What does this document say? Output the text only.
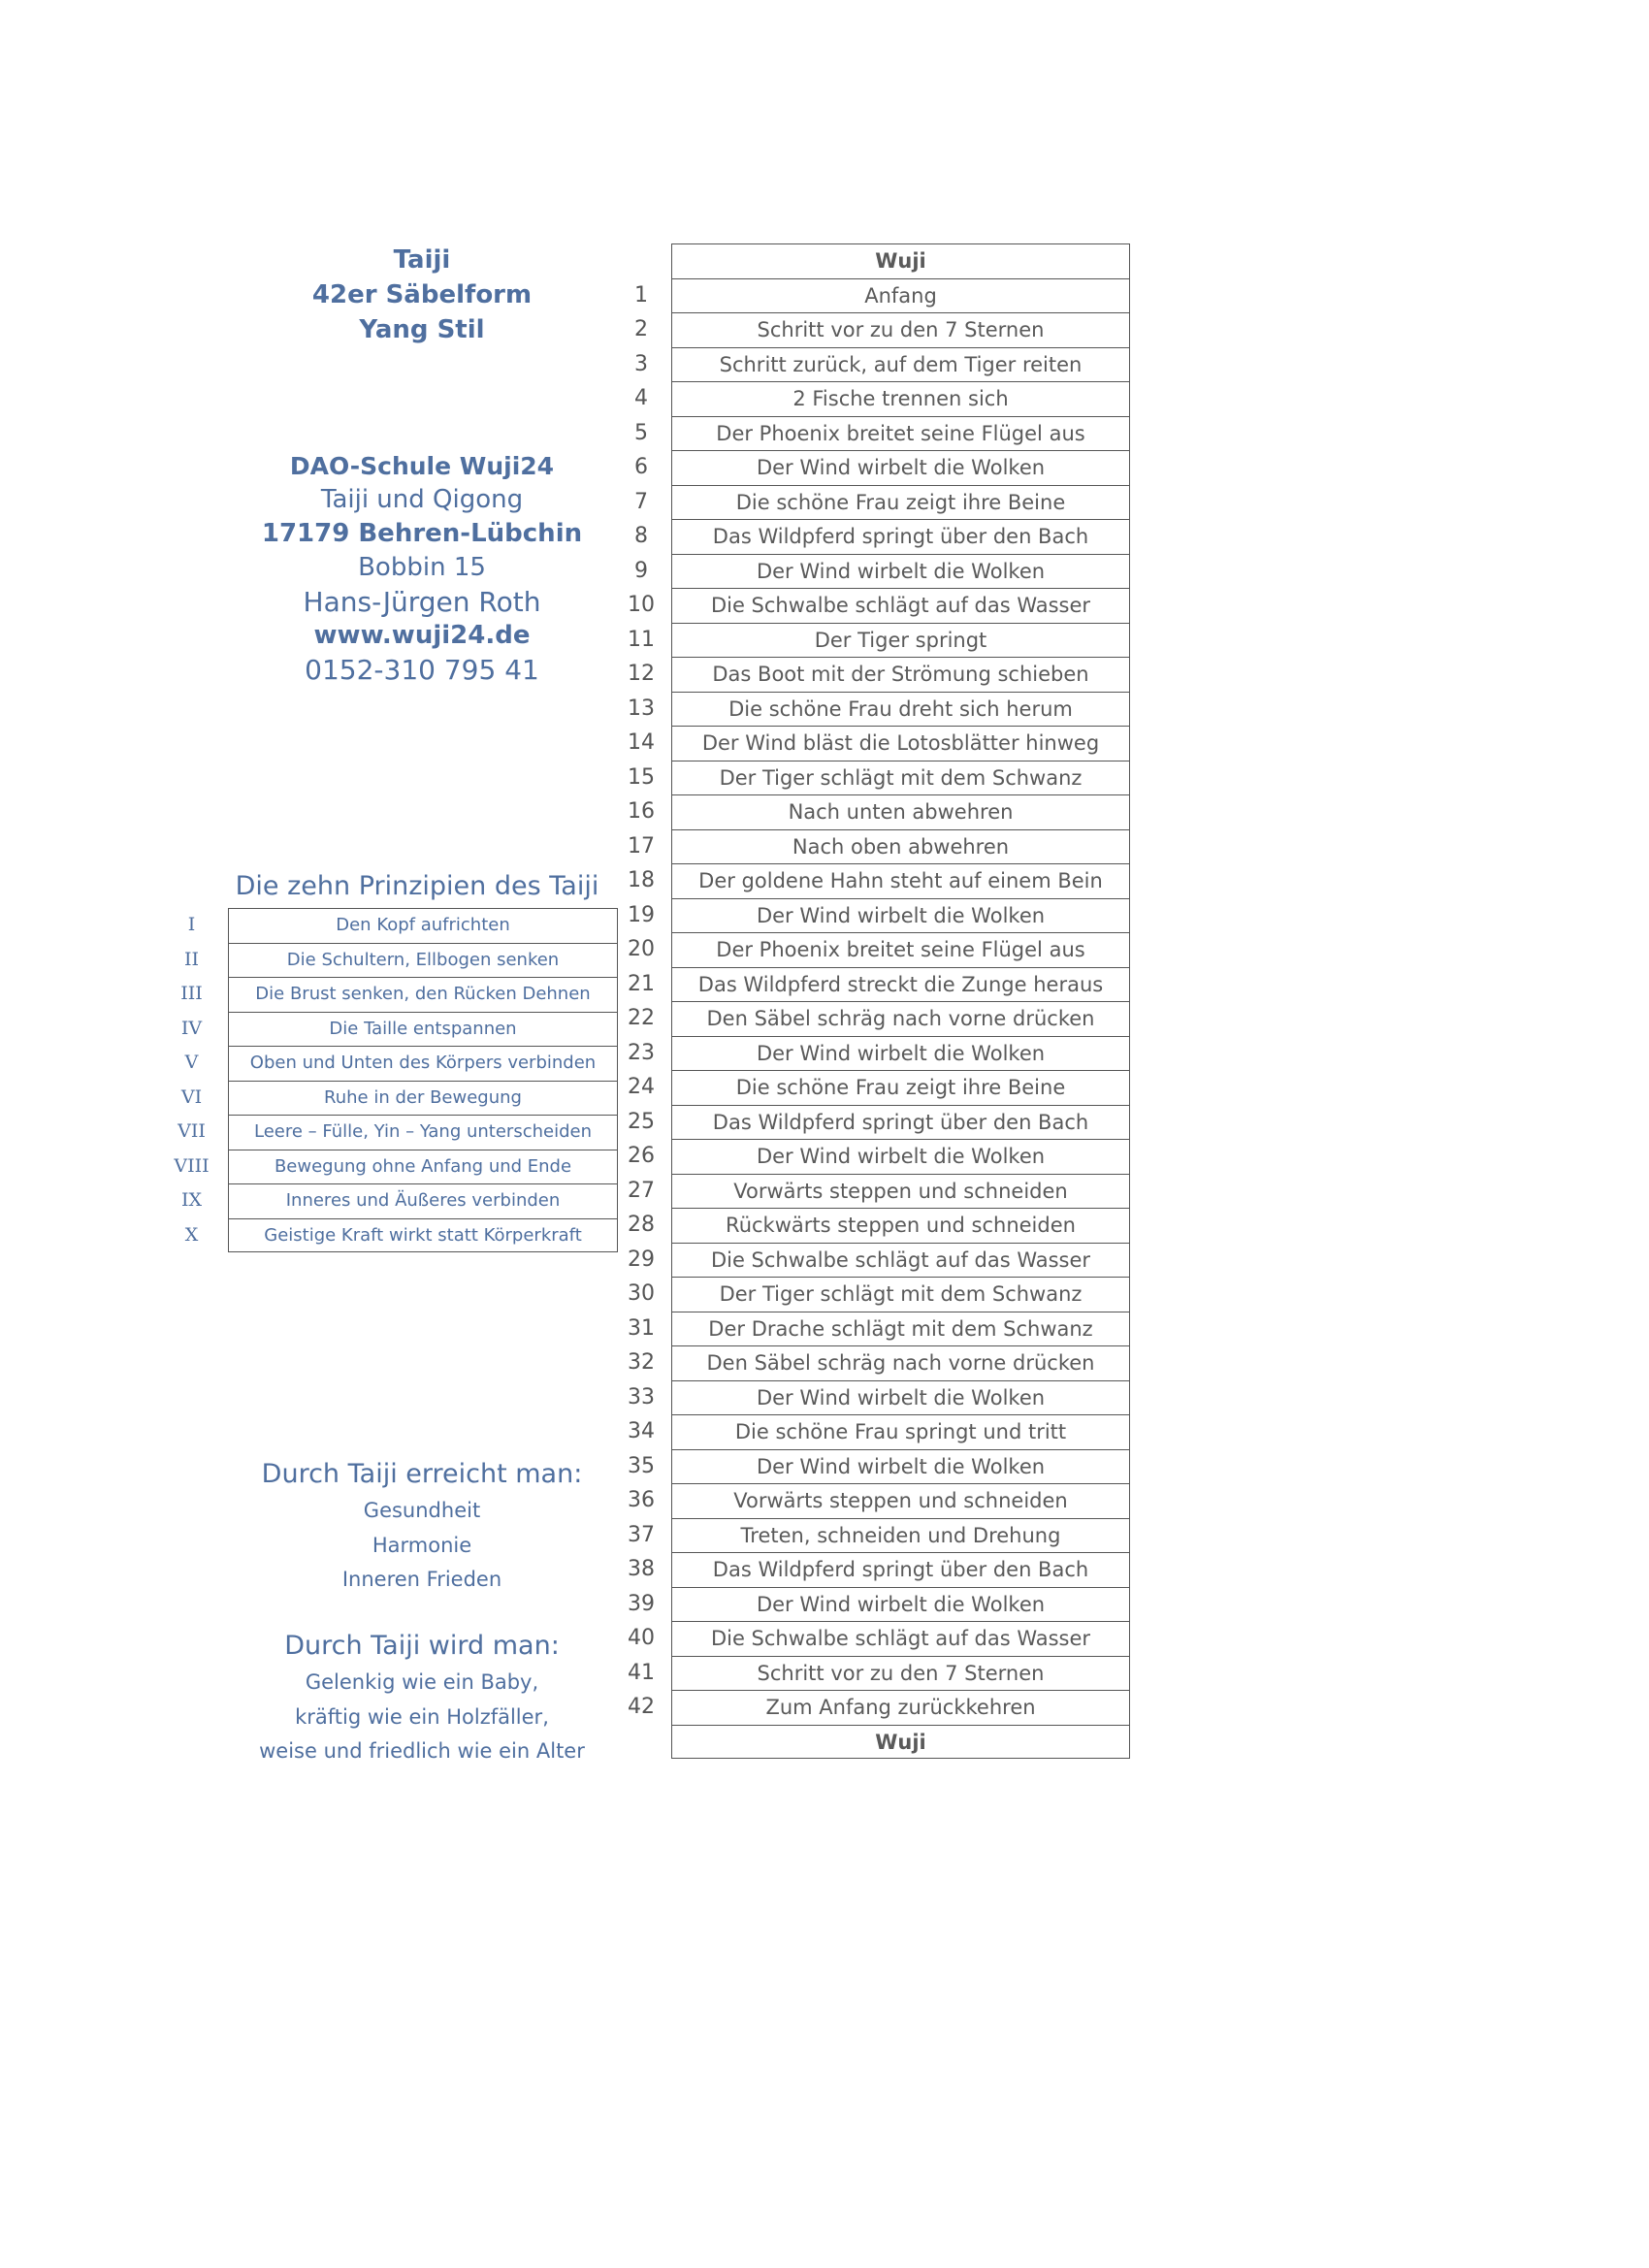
Taiji
42er Säbelform
Yang Stil
DAO-Schule Wuji24
Taiji und Qigong
17179 Behren-Lübchin
Bobbin 15
Hans-Jürgen Roth
www.wuji24.de
0152-310 795 41
Die zehn Prinzipien des Taiji
I	Den Kopf aufrichten
II	Die Schultern, Ellbogen senken
III	Die Brust senken, den Rücken Dehnen
IV	Die Taille entspannen
V	Oben und Unten des Körpers verbinden
VI	Ruhe in der Bewegung
VII	Leere – Fülle, Yin – Yang unterscheiden
VIII	Bewegung ohne Anfang und Ende
IX	Inneres und Äußeres verbinden
X	Geistige Kraft wirkt statt Körperkraft
Durch Taiji erreicht man:
Gesundheit
Harmonie
Inneren Frieden
Durch Taiji wird man:
Gelenkig wie ein Baby,
kräftig wie ein Holzfäller,
weise und friedlich wie ein Alter
Wuji
1	Anfang
2	Schritt vor zu den 7 Sternen
3	Schritt zurück, auf dem Tiger reiten
4	2 Fische trennen sich
5	Der Phoenix breitet seine Flügel aus
6	Der Wind wirbelt die Wolken
7	Die schöne Frau zeigt ihre Beine
8	Das Wildpferd springt über den Bach
9	Der Wind wirbelt die Wolken
10	Die Schwalbe schlägt auf das Wasser
11	Der Tiger springt
12	Das Boot mit der Strömung schieben
13	Die schöne Frau dreht sich herum
14	Der Wind bläst die Lotosblätter hinweg
15	Der Tiger schlägt mit dem Schwanz
16	Nach unten abwehren
17	Nach oben abwehren
18	Der goldene Hahn steht auf einem Bein
19	Der Wind wirbelt die Wolken
20	Der Phoenix breitet seine Flügel aus
21	Das Wildpferd streckt die Zunge heraus
22	Den Säbel schräg nach vorne drücken
23	Der Wind wirbelt die Wolken
24	Die schöne Frau zeigt ihre Beine
25	Das Wildpferd springt über den Bach
26	Der Wind wirbelt die Wolken
27	Vorwärts steppen und schneiden
28	Rückwärts steppen und schneiden
29	Die Schwalbe schlägt auf das Wasser
30	Der Tiger schlägt mit dem Schwanz
31	Der Drache schlägt mit dem Schwanz
32	Den Säbel schräg nach vorne drücken
33	Der Wind wirbelt die Wolken
34	Die schöne Frau springt und tritt
35	Der Wind wirbelt die Wolken
36	Vorwärts steppen und schneiden
37	Treten, schneiden und Drehung
38	Das Wildpferd springt über den Bach
39	Der Wind wirbelt die Wolken
40	Die Schwalbe schlägt auf das Wasser
41	Schritt vor zu den 7 Sternen
42	Zum Anfang zurückkehren
Wuji
